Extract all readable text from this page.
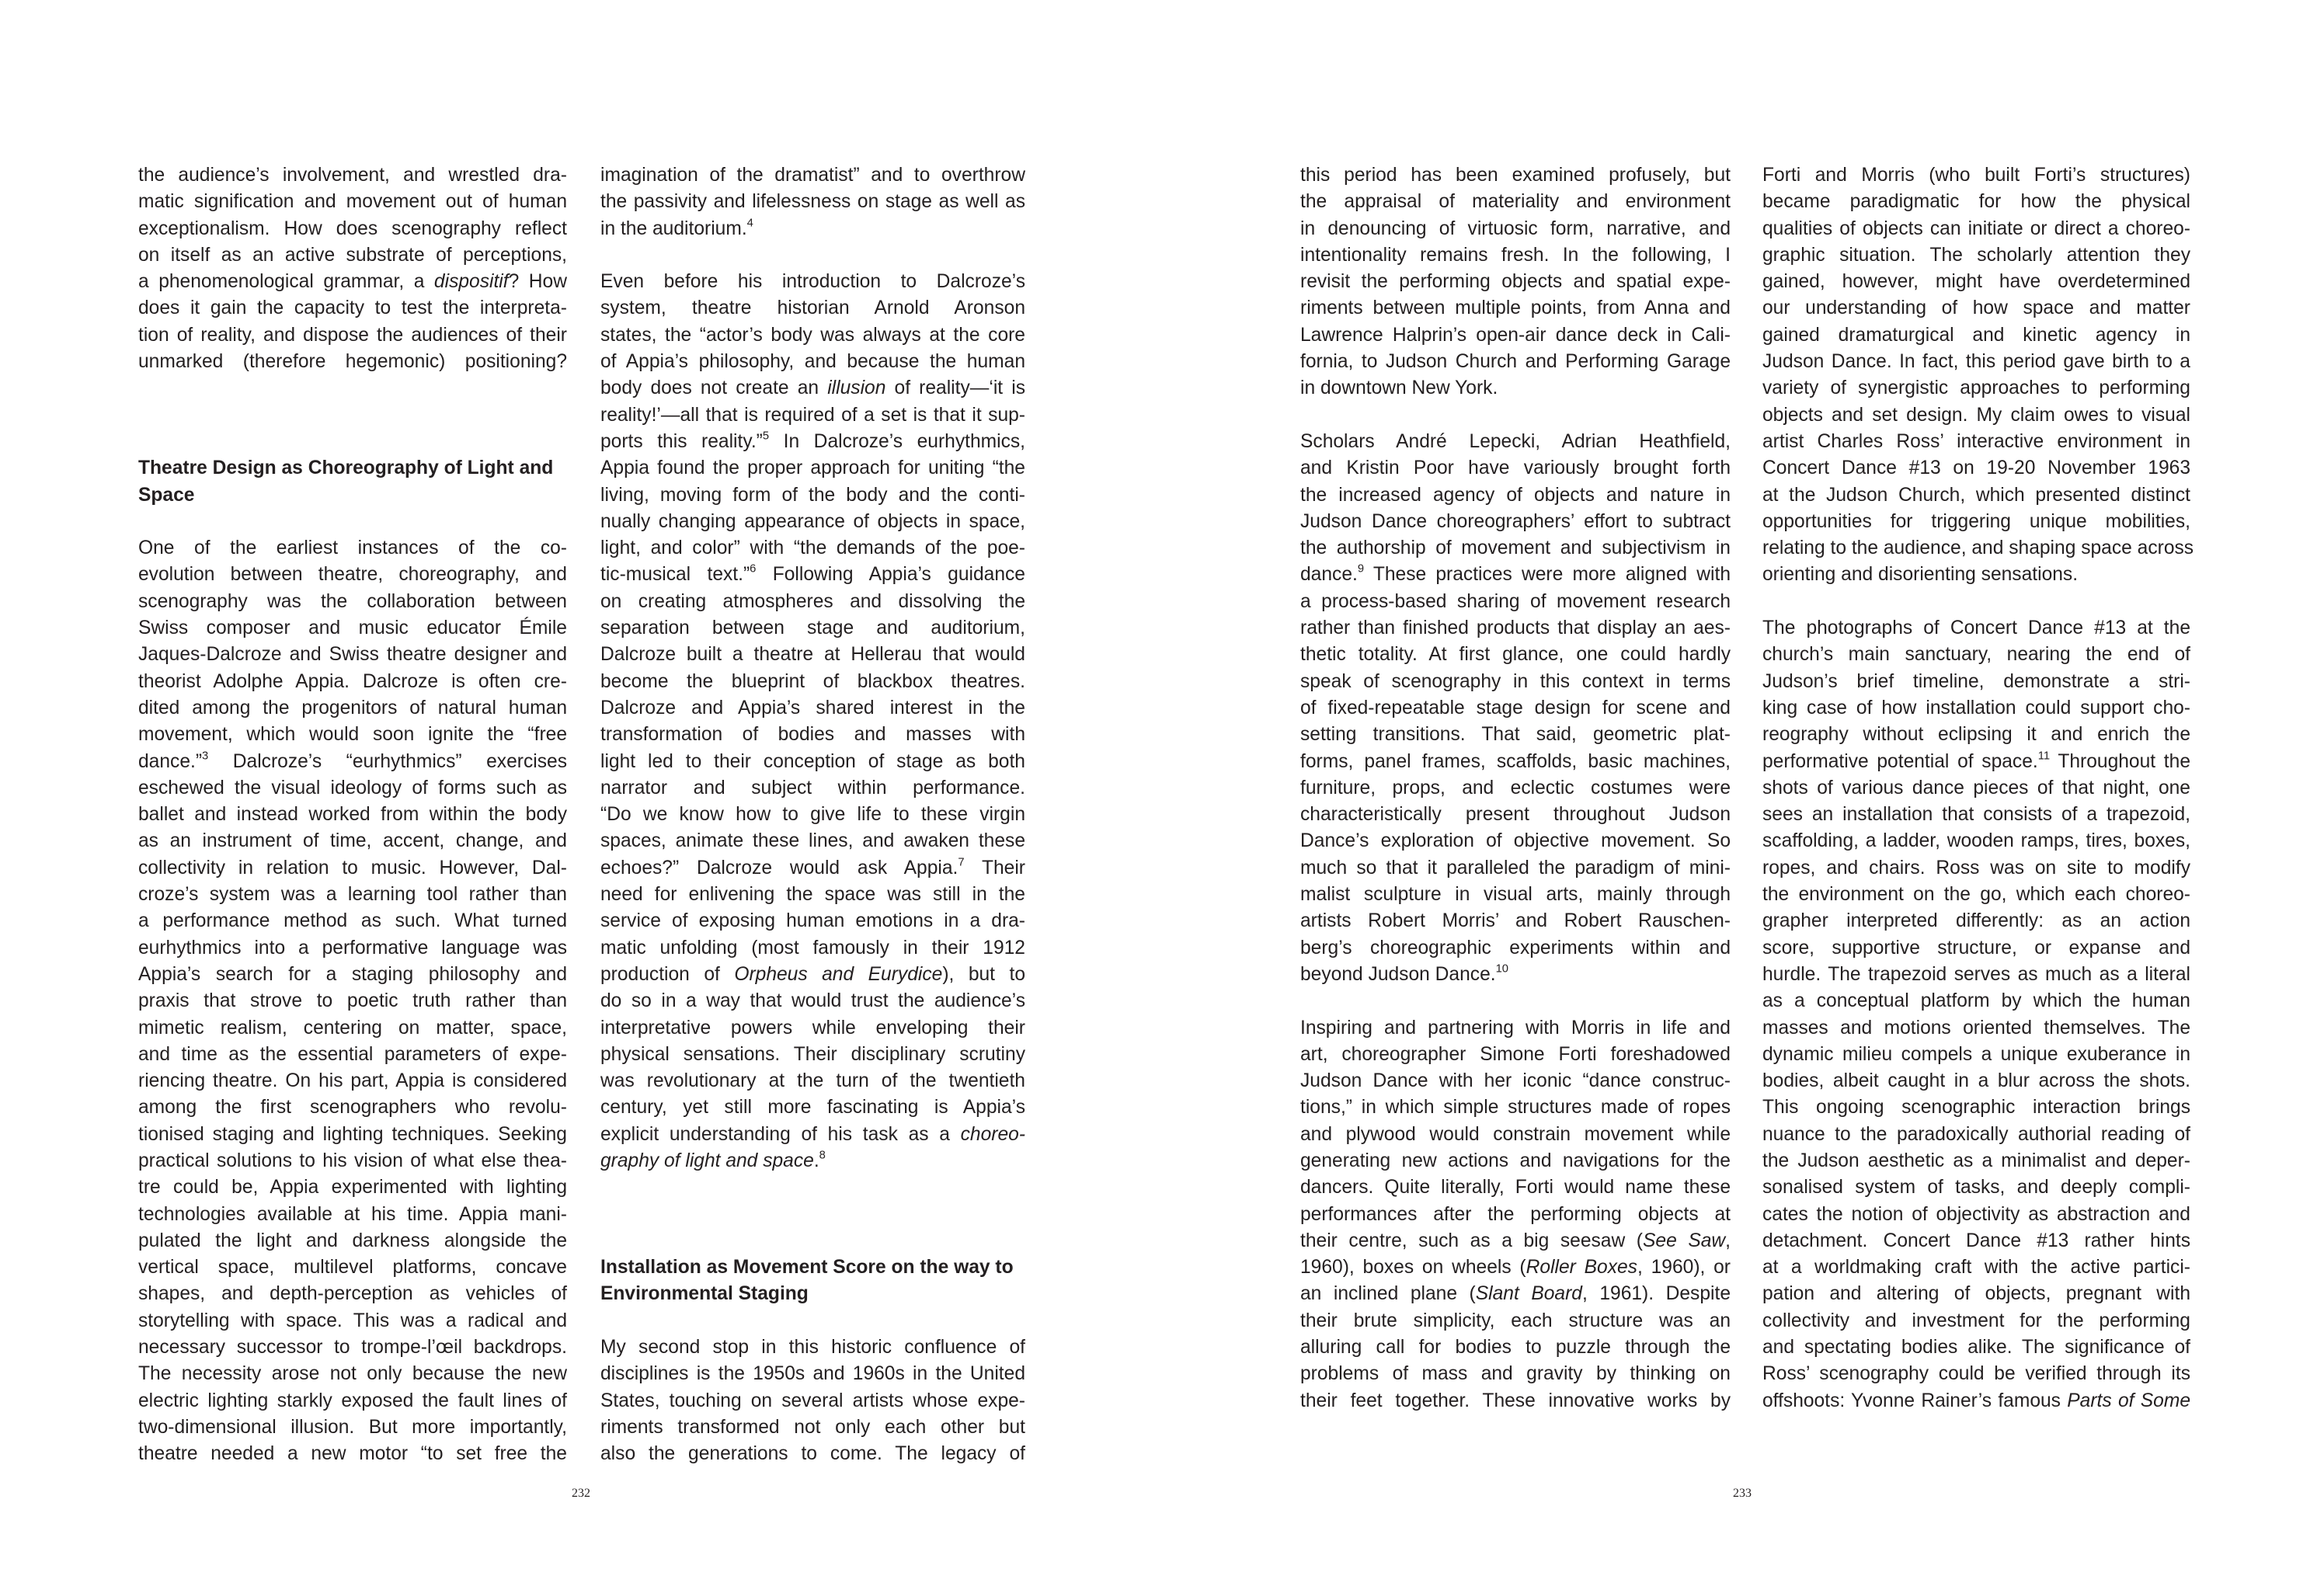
the audience’s involvement, and wrestled dra-
matic signification and movement out of human
exceptionalism. How does scenography reflect
on itself as an active substrate of perceptions,
a phenomenological grammar, a dispositif? How
does it gain the capacity to test the interpreta-
tion of reality, and dispose the audiences of their
unmarked (therefore hegemonic) positioning?
Theatre Design as Choreography of Light and
Space
One of the earliest instances of the co-
evolution between theatre, choreography, and
scenography was the collaboration between
Swiss composer and music educator Émile
Jaques-Dalcroze and Swiss theatre designer and
theorist Adolphe Appia. Dalcroze is often cre-
dited among the progenitors of natural human
movement, which would soon ignite the “free
dance.”$^3$ Dalcroze’s “eurhythmics” exercises
eschewed the visual ideology of forms such as
ballet and instead worked from within the body
as an instrument of time, accent, change, and
collectivity in relation to music. However, Dal-
croze’s system was a learning tool rather than
a performance method as such. What turned
eurhythmics into a performative language was
Appia’s search for a staging philosophy and
praxis that strove to poetic truth rather than
mimetic realism, centering on matter, space,
and time as the essential parameters of expe-
riencing theatre. On his part, Appia is considered
among the first scenographers who revolu-
tionised staging and lighting techniques. Seeking
practical solutions to his vision of what else thea-
tre could be, Appia experimented with lighting
technologies available at his time. Appia mani-
pulated the light and darkness alongside the
vertical space, multilevel platforms, concave
shapes, and depth-perception as vehicles of
storytelling with space. This was a radical and
necessary successor to trompe-l’œil backdrops.
The necessity arose not only because the new
electric lighting starkly exposed the fault lines of
two-dimensional illusion. But more importantly,
theatre needed a new motor “to set free the
imagination of the dramatist” and to overthrow
the passivity and lifelessness on stage as well as
in the auditorium.$^4$
Even before his introduction to Dalcroze’s
system, theatre historian Arnold Aronson
states, the “actor’s body was always at the core
of Appia’s philosophy, and because the human
body does not create an illusion of reality—‘it is
reality!’—all that is required of a set is that it sup-
ports this reality.”$^5$ In Dalcroze’s eurhythmics,
Appia found the proper approach for uniting “the
living, moving form of the body and the conti-
nually changing appearance of objects in space,
light, and color” with “the demands of the poe-
tic-musical text.”$^6$ Following Appia’s guidance
on creating atmospheres and dissolving the
separation between stage and auditorium,
Dalcroze built a theatre at Hellerau that would
become the blueprint of blackbox theatres.
Dalcroze and Appia’s shared interest in the
transformation of bodies and masses with
light led to their conception of stage as both
narrator and subject within performance.
“Do we know how to give life to these virgin
spaces, animate these lines, and awaken these
echoes?” Dalcroze would ask Appia.$^7$ Their
need for enlivening the space was still in the
service of exposing human emotions in a dra-
matic unfolding (most famously in their 1912
production of Orpheus and Eurydice), but to
do so in a way that would trust the audience’s
interpretative powers while enveloping their
physical sensations. Their disciplinary scrutiny
was revolutionary at the turn of the twentieth
century, yet still more fascinating is Appia’s
explicit understanding of his task as a choreo-
graphy of light and space.$^8$
Installation as Movement Score on the way to
Environmental Staging
My second stop in this historic confluence of
disciplines is the 1950s and 1960s in the United
States, touching on several artists whose expe-
riments transformed not only each other but
also the generations to come. The legacy of
232
this period has been examined profusely, but
the appraisal of materiality and environment
in denouncing of virtuosic form, narrative, and
intentionality remains fresh. In the following, I
revisit the performing objects and spatial expe-
riments between multiple points, from Anna and
Lawrence Halprin’s open-air dance deck in Cali-
fornia, to Judson Church and Performing Garage
in downtown New York.
Scholars André Lepecki, Adrian Heathfield,
and Kristin Poor have variously brought forth
the increased agency of objects and nature in
Judson Dance choreographers’ effort to subtract
the authorship of movement and subjectivism in
dance.$^9$ These practices were more aligned with
a process-based sharing of movement research
rather than finished products that display an aes-
thetic totality. At first glance, one could hardly
speak of scenography in this context in terms
of fixed-repeatable stage design for scene and
setting transitions. That said, geometric plat-
forms, panel frames, scaffolds, basic machines,
furniture, props, and eclectic costumes were
characteristically present throughout Judson
Dance’s exploration of objective movement. So
much so that it paralleled the paradigm of mini-
malist sculpture in visual arts, mainly through
artists Robert Morris’ and Robert Rauschen-
berg’s choreographic experiments within and
beyond Judson Dance.$^{10}$
Inspiring and partnering with Morris in life and
art, choreographer Simone Forti foreshadowed
Judson Dance with her iconic “dance construc-
tions,” in which simple structures made of ropes
and plywood would constrain movement while
generating new actions and navigations for the
dancers. Quite literally, Forti would name these
performances after the performing objects at
their centre, such as a big seesaw (See Saw,
1960), boxes on wheels (Roller Boxes, 1960), or
an inclined plane (Slant Board, 1961). Despite
their brute simplicity, each structure was an
alluring call for bodies to puzzle through the
problems of mass and gravity by thinking on
their feet together. These innovative works by
Forti and Morris (who built Forti’s structures)
became paradigmatic for how the physical
qualities of objects can initiate or direct a choreo-
graphic situation. The scholarly attention they
gained, however, might have overdetermined
our understanding of how space and matter
gained dramaturgical and kinetic agency in
Judson Dance. In fact, this period gave birth to a
variety of synergistic approaches to performing
objects and set design. My claim owes to visual
artist Charles Ross’ interactive environment in
Concert Dance #13 on 19-20 November 1963
at the Judson Church, which presented distinct
opportunities for triggering unique mobilities,
relating to the audience, and shaping space across
orienting and disorienting sensations.
The photographs of Concert Dance #13 at the
church’s main sanctuary, nearing the end of
Judson’s brief timeline, demonstrate a stri-
king case of how installation could support cho-
reography without eclipsing it and enrich the
performative potential of space.$^{11}$ Throughout the
shots of various dance pieces of that night, one
sees an installation that consists of a trapezoid,
scaffolding, a ladder, wooden ramps, tires, boxes,
ropes, and chairs. Ross was on site to modify
the environment on the go, which each choreo-
grapher interpreted differently: as an action
score, supportive structure, or expanse and
hurdle. The trapezoid serves as much as a literal
as a conceptual platform by which the human
masses and motions oriented themselves. The
dynamic milieu compels a unique exuberance in
bodies, albeit caught in a blur across the shots.
This ongoing scenographic interaction brings
nuance to the paradoxically authorial reading of
the Judson aesthetic as a minimalist and deper-
sonalised system of tasks, and deeply compli-
cates the notion of objectivity as abstraction and
detachment. Concert Dance #13 rather hints
at a worldmaking craft with the active partici-
pation and altering of objects, pregnant with
collectivity and investment for the performing
and spectating bodies alike. The significance of
Ross’ scenography could be verified through its
offshoots: Yvonne Rainer’s famous Parts of Some
233
